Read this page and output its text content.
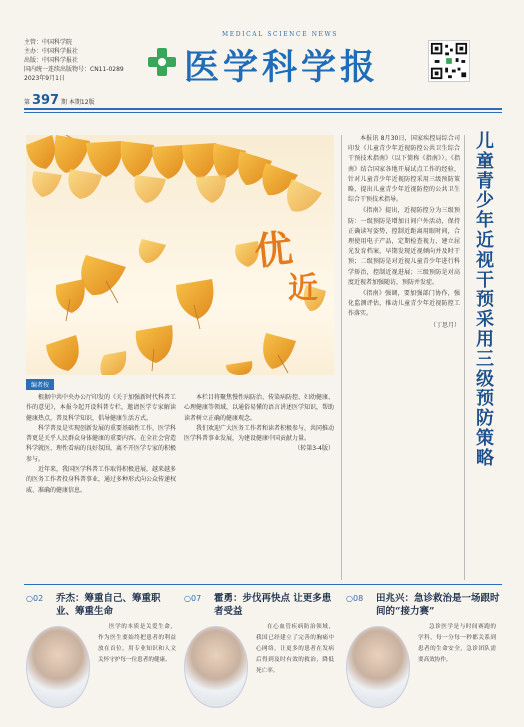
主管：中国科学院
主办：中国科学报社
出版：中国科学报社
国内统一连续出版物号：CN11-0289
2023年9月1日
第 397 期 本期12版
MEDICAL SCIENCE NEWS
医学科学报
优
近

本报讯 8月30日，国家疾控局综合司印发《儿童青少年近视防控公共卫生综合干预技术指南》（以下简称《指南》）。《指南》结合国家各地开展试点工作的经验，针对儿童青少年近视防控采用三级预防策略，提出儿童青少年近视防控的公共卫生综合干预技术指导。

《指南》提出，近视防控分为三级预防：一级预防是增加日间户外活动，保持正确读写姿势，控制近距离用眼时间，合理使用电子产品，定期检查视力，建立屈光发育档案，早期发现近视倾向并及时干预；二级预防是对近视儿童青少年进行科学矫治，控制近视进展；三级预防是对高度近视者加强随访，预防并发症。

《指南》强调，要加强部门协作，强化监测评估，推动儿童青少年近视防控工作落实。

（丁思月）

儿童青少年近视干预采用三级预防策略
编者按

根据中共中央办公厅印发的《关于加强新时代科普工作的意见》，本报今起开设科普专栏，邀请医学专家解读健康热点，普及科学知识，倡导健康生活方式。

科学普及是实现创新发展的重要基础性工作，医学科普更是关乎人民群众身体健康的重要内容。在全社会营造科学就医、理性看病的良好氛围，离不开医学专家的积极参与。

近年来，我国医学科普工作取得积极进展，越来越多的医务工作者投身科普事业，通过多种形式向公众传递权威、准确的健康信息。

本栏目将聚焦慢性病防治、传染病防控、妇幼健康、心理健康等领域，以通俗易懂的语言讲述医学知识，帮助读者树立正确的健康观念。

我们欢迎广大医务工作者和读者积极参与，共同推动医学科普事业发展，为建设健康中国贡献力量。

（转第3-4版）

○02 乔杰：筹重自己、筹重职业、筹重生命
医学的本质是关爱生命，作为医生要始终把患者的利益放在首位，用专业知识和人文关怀守护每一位患者的健康。
○07 霍勇：步伐再快点 让更多患者受益
在心血管疾病防治领域，我国已经建立了完善的胸痛中心网络，让更多的患者在发病后得到及时有效的救治，降低死亡率。
○08 田兆兴：急诊救治是一场跟时间的“接力赛”
急诊医学是与时间赛跑的学科，每一分每一秒都关系到患者的生命安全，急诊团队需要高效协作。
